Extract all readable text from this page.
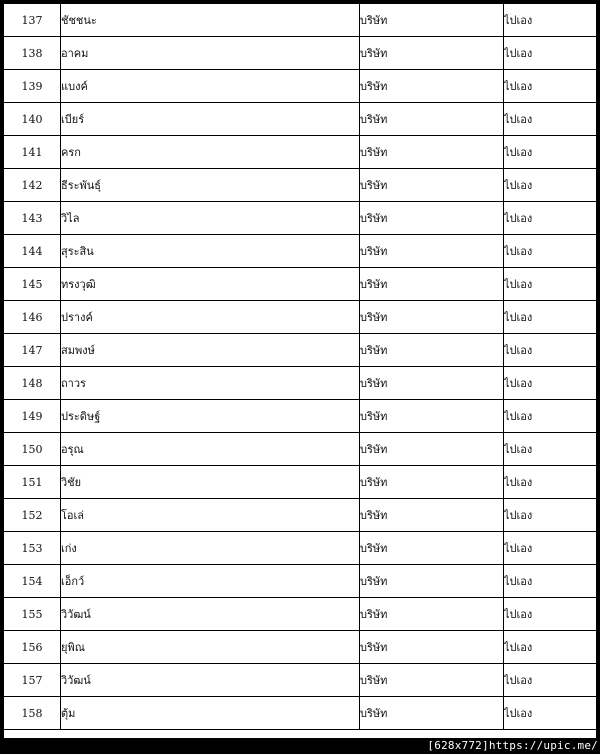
137	ชัชชนะ	บริษัท	ไปเอง
138	อาคม	บริษัท	ไปเอง
139	แบงค์	บริษัท	ไปเอง
140	เบียร์	บริษัท	ไปเอง
141	ครก	บริษัท	ไปเอง
142	ธีระพันธุ์	บริษัท	ไปเอง
143	วิไล	บริษัท	ไปเอง
144	สุระสิน	บริษัท	ไปเอง
145	ทรงวุฒิ	บริษัท	ไปเอง
146	ปรางค์	บริษัท	ไปเอง
147	สมพงษ์	บริษัท	ไปเอง
148	ถาวร	บริษัท	ไปเอง
149	ประดิษฐ์	บริษัท	ไปเอง
150	อรุณ	บริษัท	ไปเอง
151	วิชัย	บริษัท	ไปเอง
152	โอเล่	บริษัท	ไปเอง
153	เก่ง	บริษัท	ไปเอง
154	เอ็กว์	บริษัท	ไปเอง
155	วิวัฒน์	บริษัท	ไปเอง
156	ยุพิณ	บริษัท	ไปเอง
157	วิวัฒน์	บริษัท	ไปเอง
158	ตุ้ม	บริษัท	ไปเอง
[628x772]https://upic.me/
